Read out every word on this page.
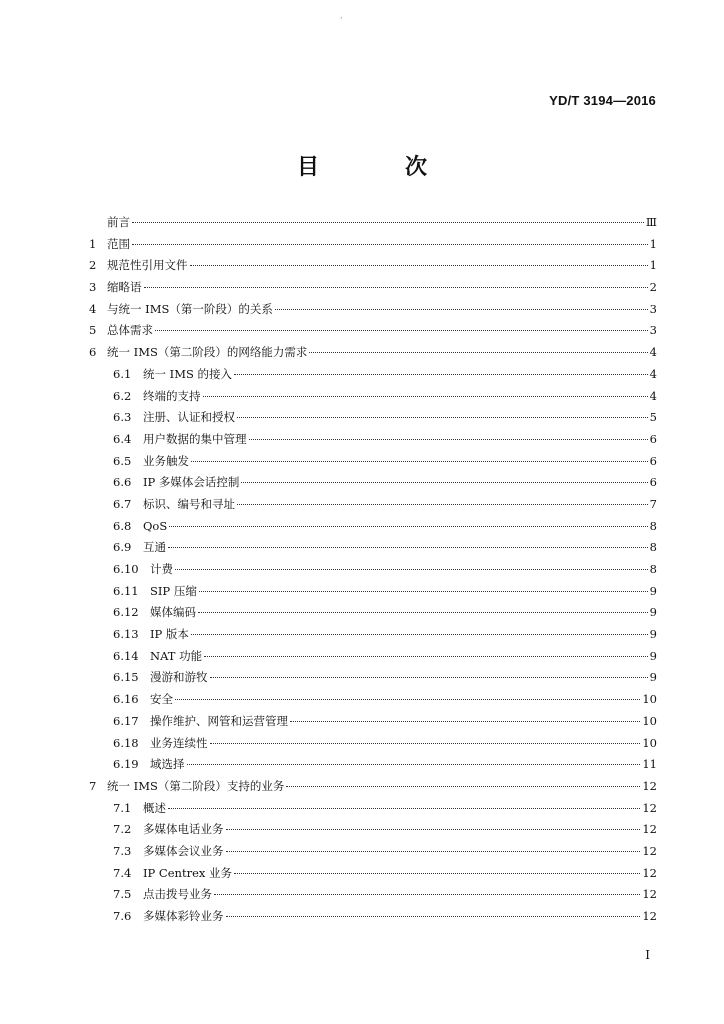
·
YD/T 3194—2016
目　次
前言	Ⅲ
1 范围	1
2 规范性引用文件	1
3 缩略语	2
4 与统一 IMS（第一阶段）的关系	3
5 总体需求	3
6 统一 IMS（第二阶段）的网络能力需求	4
6.1	统一 IMS 的接入	4
6.2	终端的支持	4
6.3	注册、认证和授权	5
6.4	用户数据的集中管理	6
6.5	业务触发	6
6.6	IP 多媒体会话控制	6
6.7	标识、编号和寻址	7
6.8	QoS	8
6.9	互通	8
6.10 计费	8
6.11 SIP 压缩	9
6.12 媒体编码	9
6.13 IP 版本	9
6.14 NAT 功能	9
6.15 漫游和游牧	9
6.16 安全	10
6.17 操作维护、网管和运营管理	10
6.18 业务连续性	10
6.19 域选择	11
7 统一 IMS（第二阶段）支持的业务	12
7.1	概述	12
7.2	多媒体电话业务	12
7.3	多媒体会议业务	12
7.4	IP Centrex 业务	12
7.5	点击拨号业务	12
7.6	多媒体彩铃业务	12
I
